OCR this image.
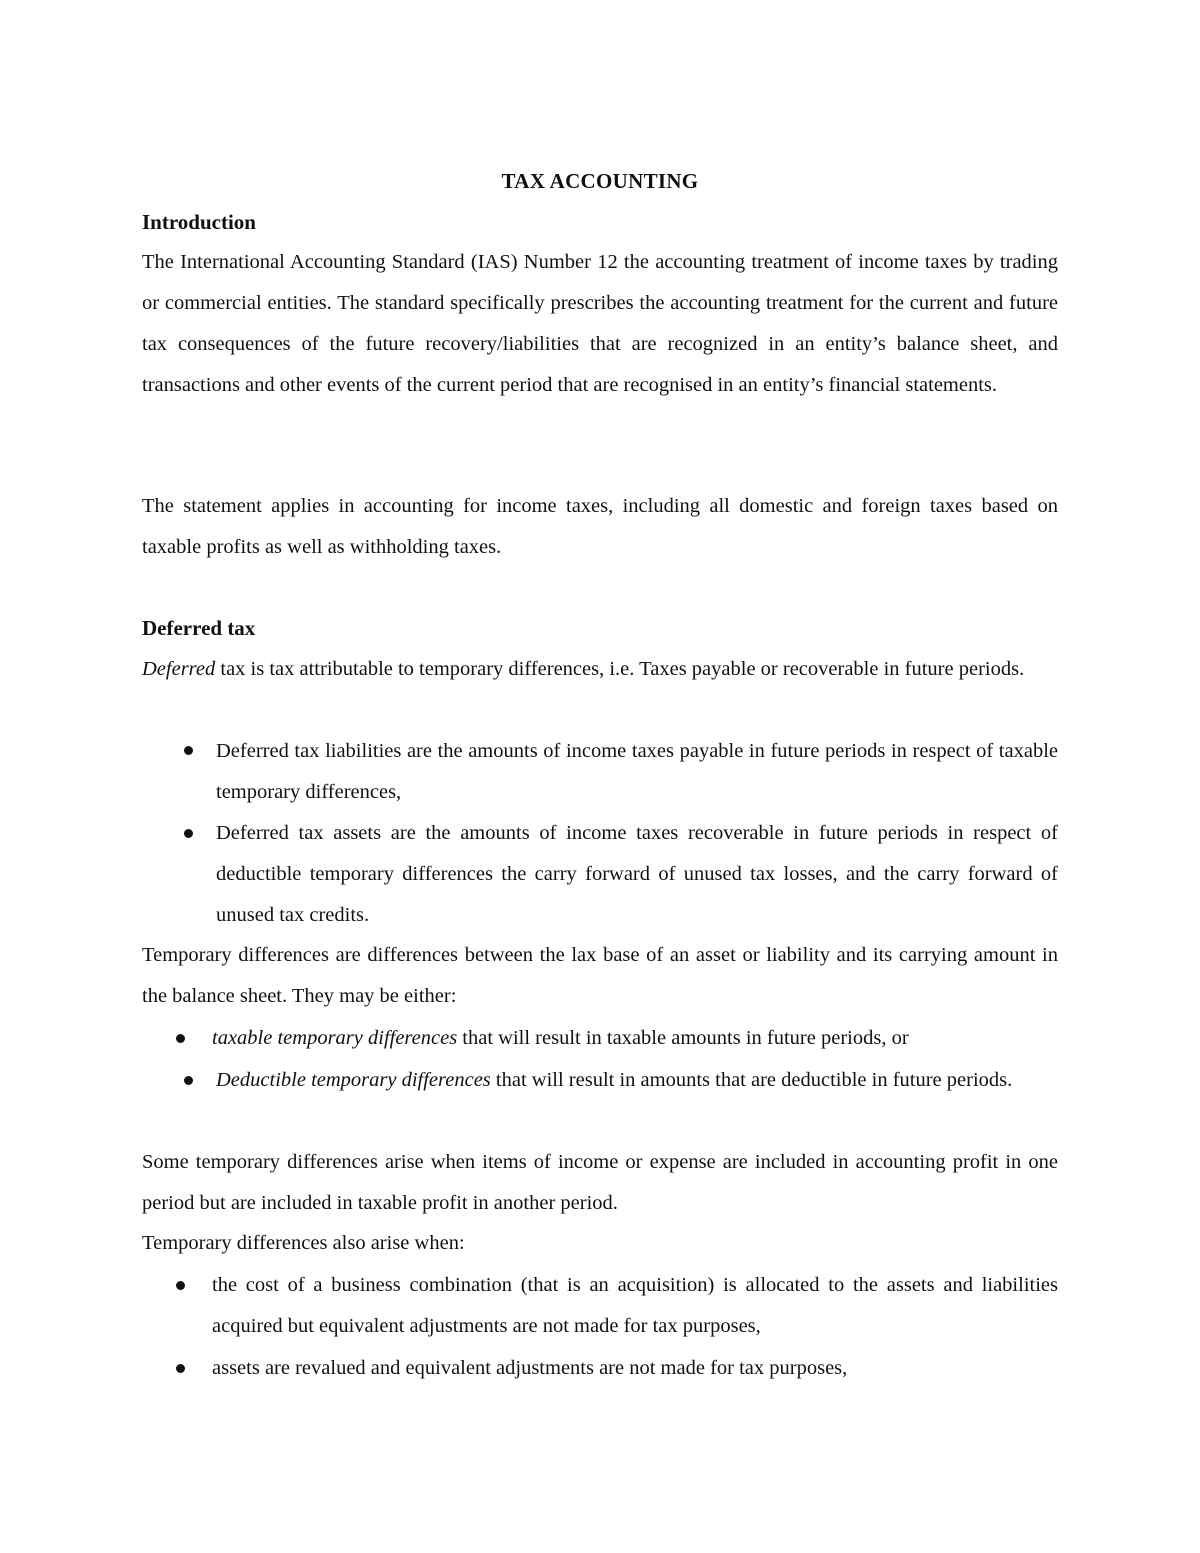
TAX ACCOUNTING
Introduction
The International Accounting Standard (IAS) Number 12 the accounting treatment of income taxes by trading or commercial entities. The standard specifically prescribes the accounting treatment for the current and future tax consequences of the future recovery/liabilities that are recognized in an entity’s balance sheet, and transactions and other events of the current period that are recognised in an entity’s financial statements.
The statement applies in accounting for income taxes, including all domestic and foreign taxes based on taxable profits as well as withholding taxes.
Deferred tax
Deferred tax is tax attributable to temporary differences, i.e. Taxes payable or recoverable in future periods.
Deferred tax liabilities are the amounts of income taxes payable in future periods in respect of taxable temporary differences,
Deferred tax assets are the amounts of income taxes recoverable in future periods in respect of deductible temporary differences the carry forward of unused tax losses, and the carry forward of unused tax credits.
Temporary differences are differences between the lax base of an asset or liability and its carrying amount in the balance sheet. They may be either:
taxable temporary differences that will result in taxable amounts in future periods, or
Deductible temporary differences that will result in amounts that are deductible in future periods.
Some temporary differences arise when items of income or expense are included in accounting profit in one period but are included in taxable profit in another period.
Temporary differences also arise when:
the cost of a business combination (that is an acquisition) is allocated to the assets and liabilities acquired but equivalent adjustments are not made for tax purposes,
assets are revalued and equivalent adjustments are not made for tax purposes,
